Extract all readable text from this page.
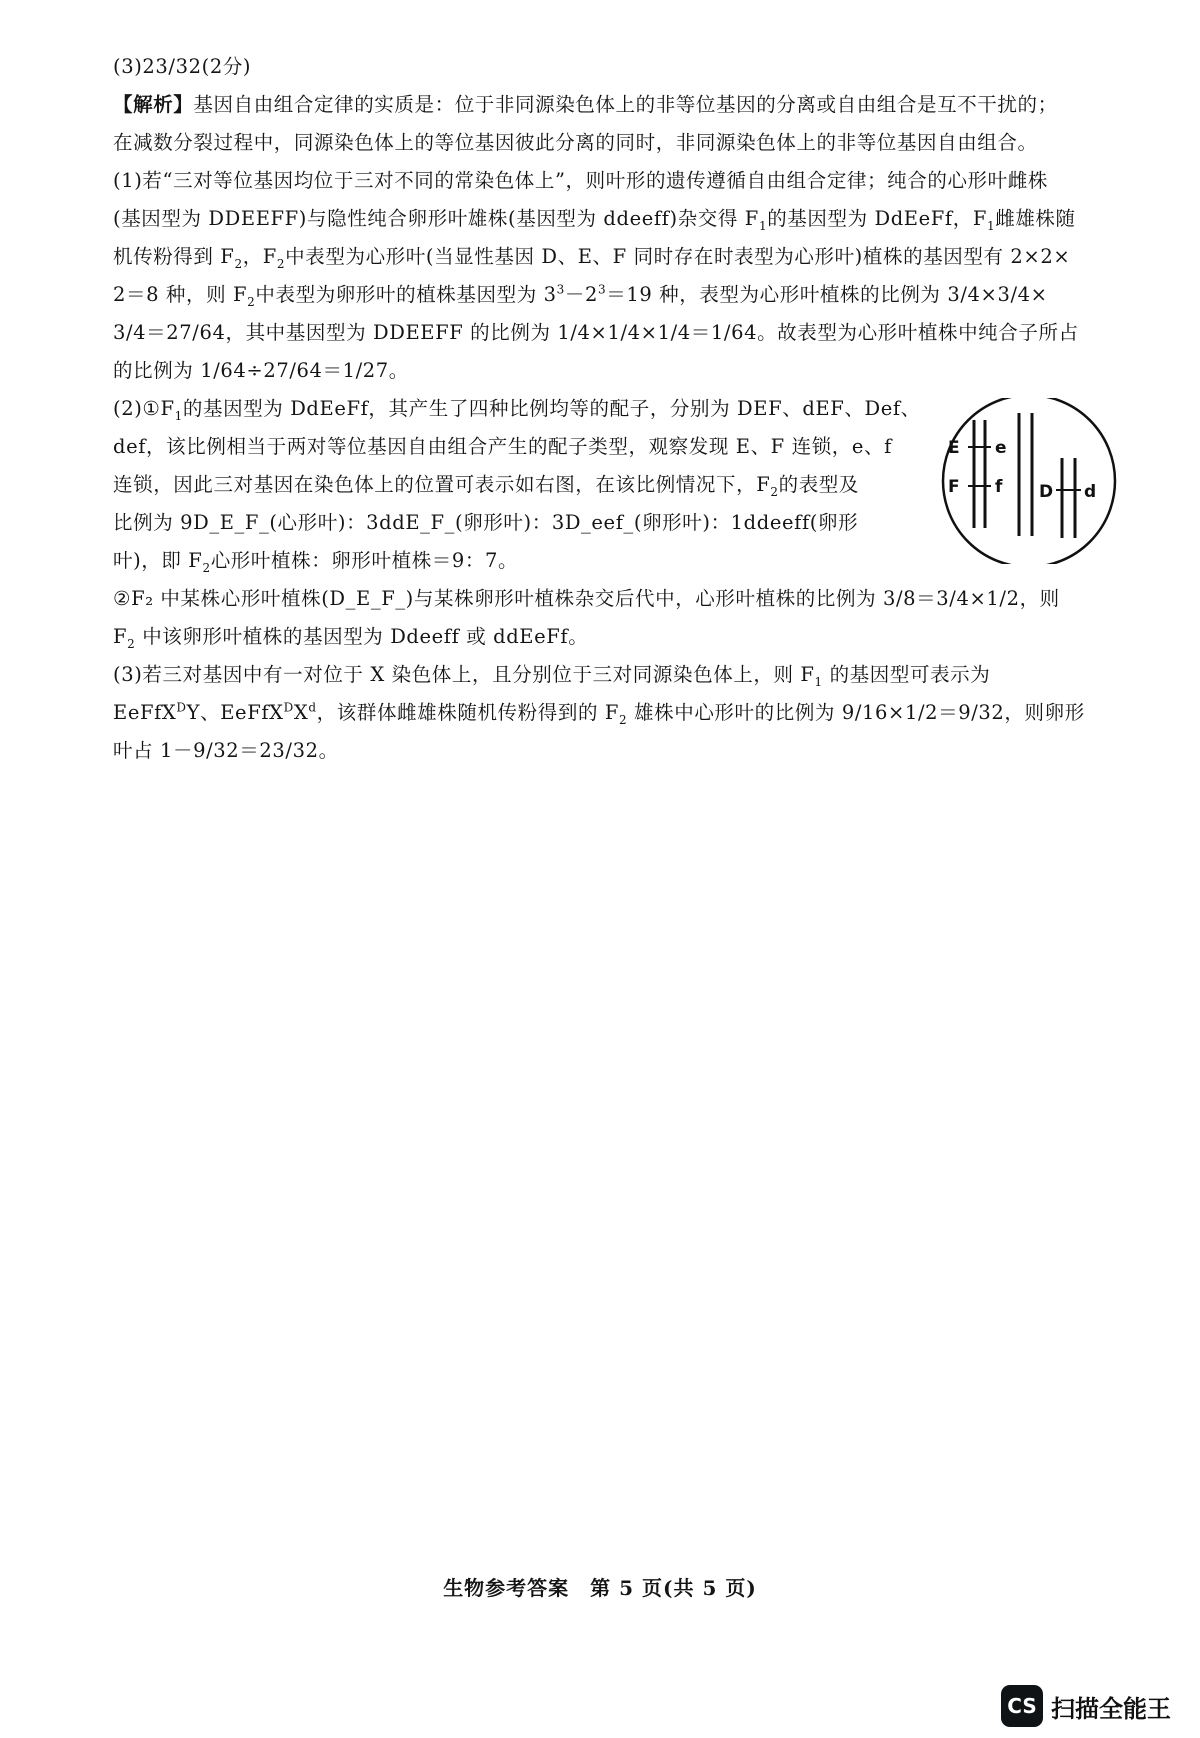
(3)23/32(2分)
【解析】基因自由组合定律的实质是：位于非同源染色体上的非等位基因的分离或自由组合是互不干扰的；
在减数分裂过程中，同源染色体上的等位基因彼此分离的同时，非同源染色体上的非等位基因自由组合。
(1)若“三对等位基因均位于三对不同的常染色体上”，则叶形的遗传遵循自由组合定律；纯合的心形叶雌株
(基因型为 DDEEFF)与隐性纯合卵形叶雄株(基因型为 ddeeff)杂交得 $F_1$的基因型为 DdEeFf，$F_1$雌雄株随
机传粉得到 $F_2$，$F_2$中表型为心形叶(当显性基因 D、E、F 同时存在时表型为心形叶)植株的基因型有 2×2×
2＝8 种，则 $F_2$中表型为卵形叶的植株基因型为 $3^3-2^3=19$ 种，表型为心形叶植株的比例为 3/4×3/4×
3/4＝27/64，其中基因型为 DDEEFF 的比例为 1/4×1/4×1/4＝1/64。故表型为心形叶植株中纯合子所占
的比例为 1/64÷27/64＝1/27。
$(2)①F_1$的基因型为 DdEeFf，其产生了四种比例均等的配子，分别为 DEF、dEF、Def、
def，该比例相当于两对等位基因自由组合产生的配子类型，观察发现 E、F 连锁，e、f
连锁，因此三对基因在染色体上的位置可表示如右图，在该比例情况下，$F_2$的表型及
比例为 9D_E_F_(心形叶)：3ddE_F_(卵形叶)：3D_eef_(卵形叶)：1ddeeff(卵形
叶)，即 $F_2$心形叶植株：卵形叶植株＝9：7。
②F₂ 中某株心形叶植株(D_E_F_)与某株卵形叶植株杂交后代中，心形叶植株的比例为 3/8＝3/4×1/2，则
$F_2$ 中该卵形叶植株的基因型为 Ddeeff 或 ddEeFf。
(3)若三对基因中有一对位于 X 染色体上，且分别位于三对同源染色体上，则 $F_1$ 的基因型可表示为
EeFfX$^D$Y、$EeFfX^DX^d$，该群体雌雄株随机传粉得到的 $F_2$ 雄株中心形叶的比例为 9/16×1/2＝9/32，则卵形
叶占 1－9/32＝23/32。
E e
F f D d
生物参考答案　第 5 页(共 5 页)
CS 扫描全能王
